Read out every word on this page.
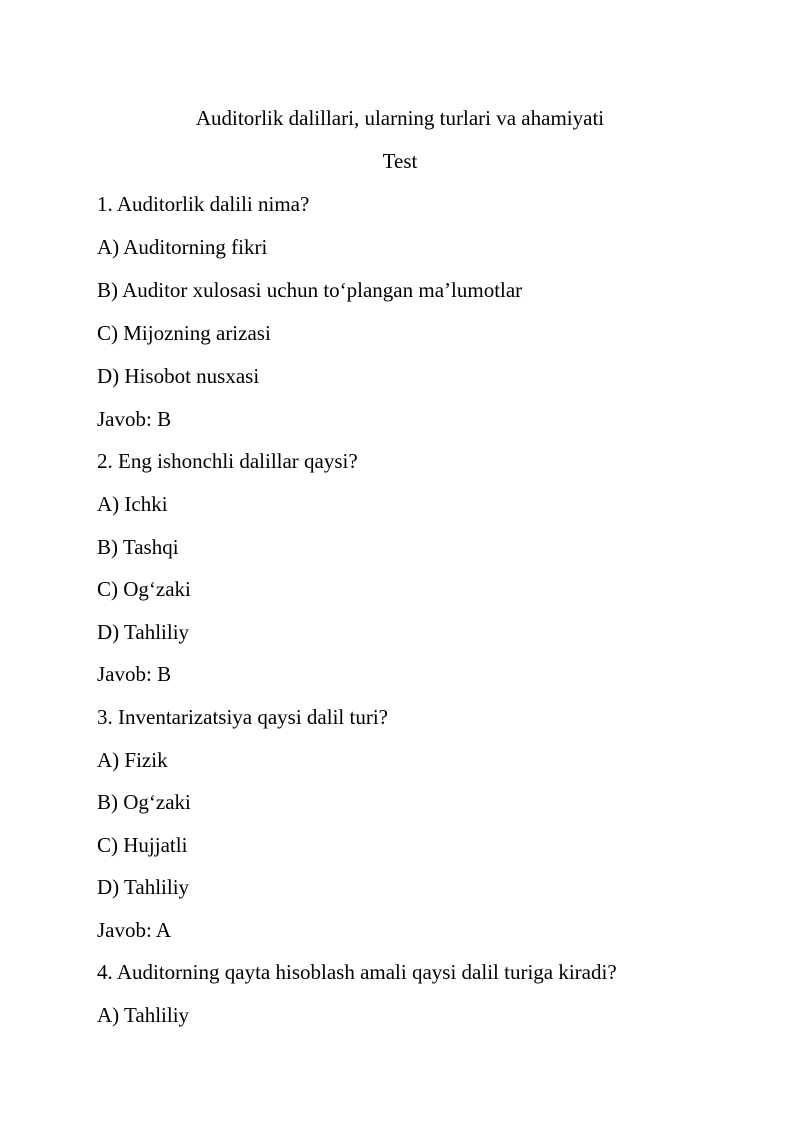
Auditorlik dalillari, ularning turlari va ahamiyati
Test
1. Auditorlik dalili nima?
A) Auditorning fikri
B) Auditor xulosasi uchun to‘plangan ma’lumotlar
C) Mijozning arizasi
D) Hisobot nusxasi
Javob: B
2. Eng ishonchli dalillar qaysi?
A) Ichki
B) Tashqi
C) Og‘zaki
D) Tahliliy
Javob: B
3. Inventarizatsiya qaysi dalil turi?
A) Fizik
B) Og‘zaki
C) Hujjatli
D) Tahliliy
Javob: A
4. Auditorning qayta hisoblash amali qaysi dalil turiga kiradi?
A) Tahliliy
